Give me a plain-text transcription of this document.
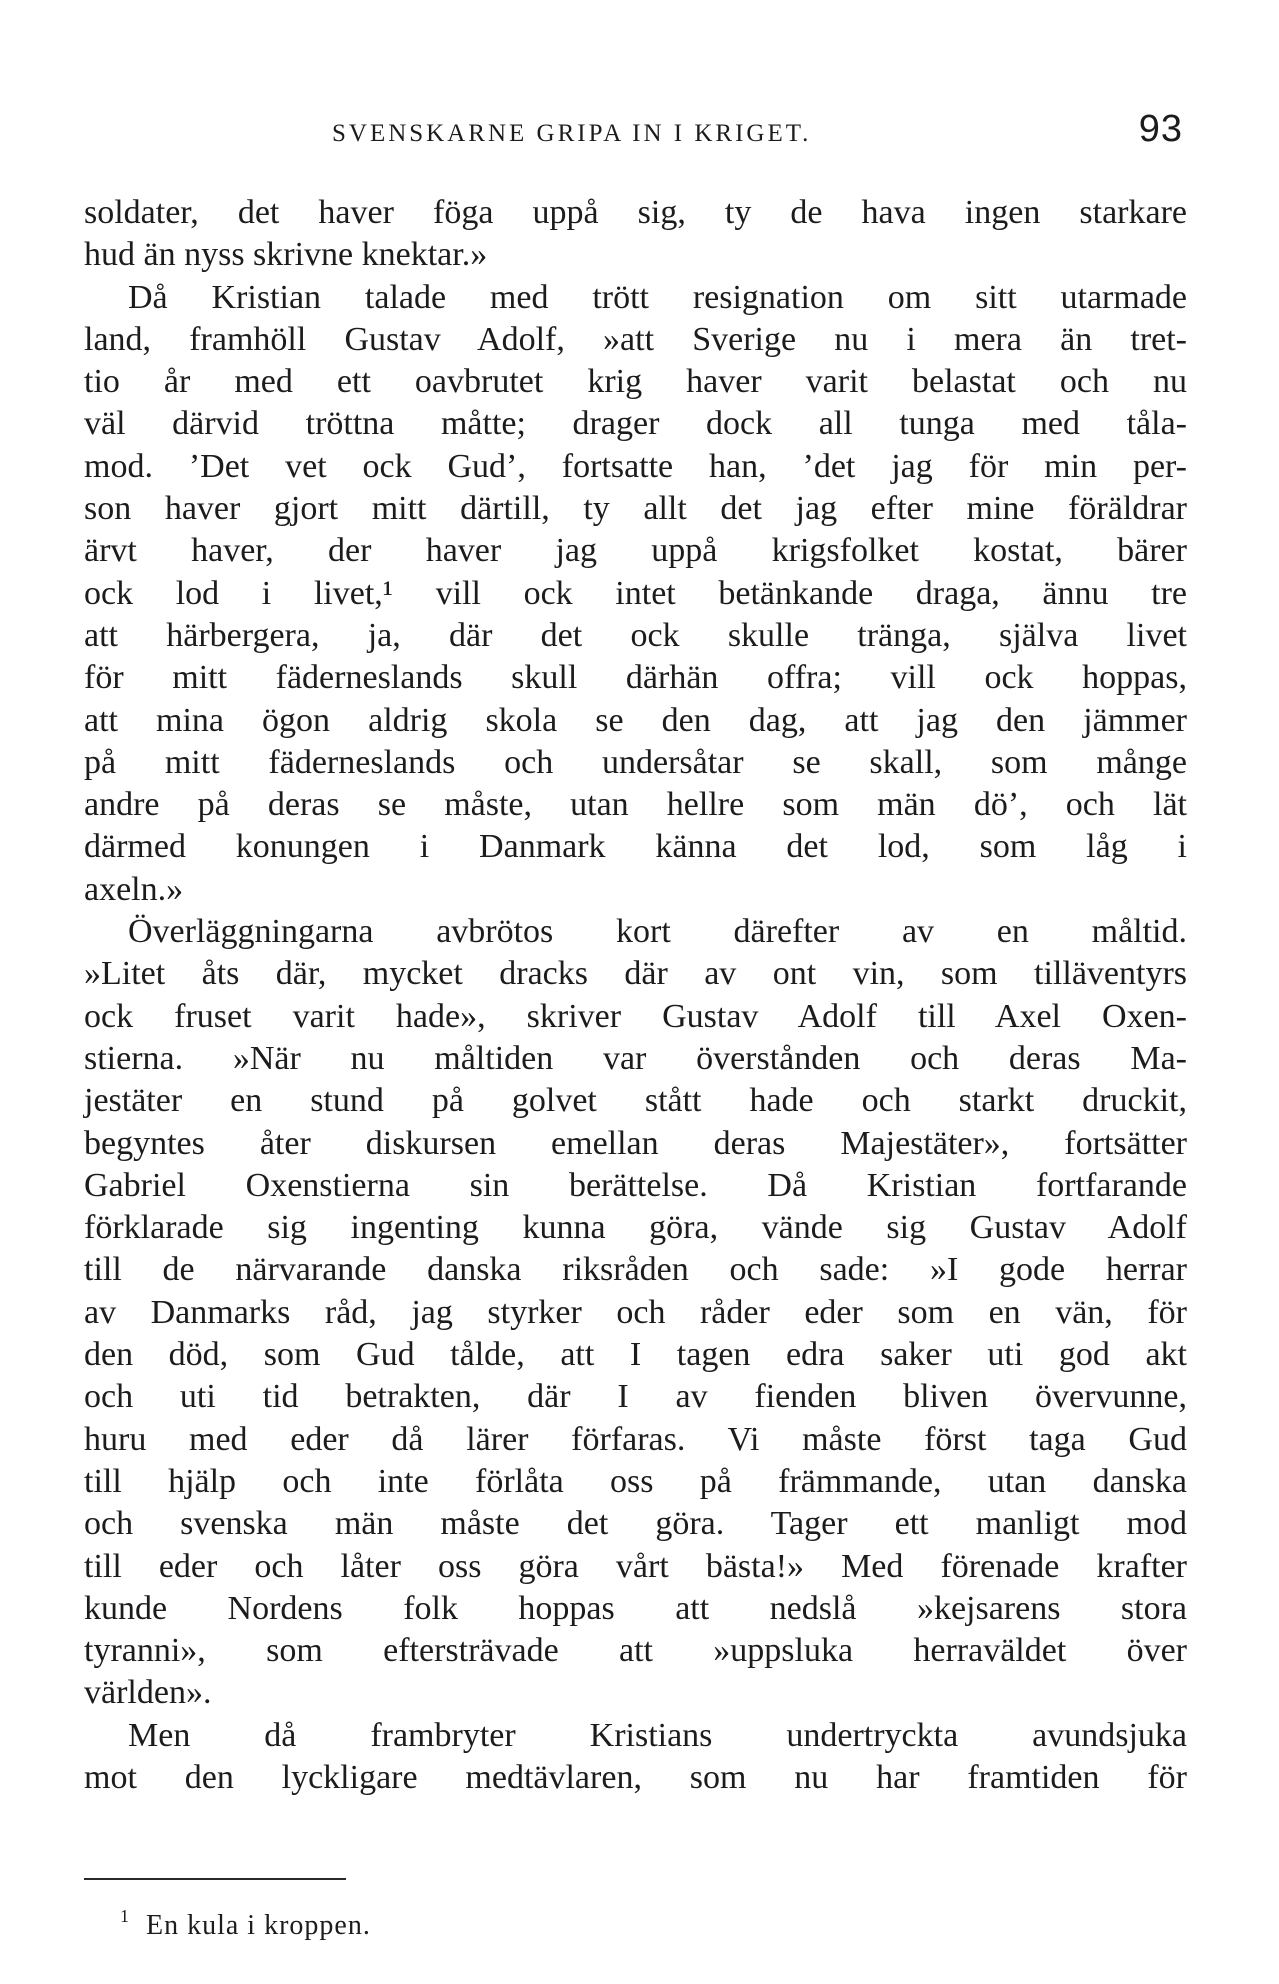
SVENSKARNE GRIPA IN I KRIGET.	93
soldater, det haver föga uppå sig, ty de hava ingen starkare
hud än nyss skrivne knektar.»
Då Kristian talade med trött resignation om sitt utarmade
land, framhöll Gustav Adolf, »att Sverige nu i mera än tret-
tio år med ett oavbrutet krig haver varit belastat och nu
väl därvid tröttna måtte; drager dock all tunga med tåla-
mod. ’Det vet ock Gud’, fortsatte han, ’det jag för min per-
son haver gjort mitt därtill, ty allt det jag efter mine föräldrar
ärvt haver, der haver jag uppå krigsfolket kostat, bärer
ock lod i livet,¹ vill ock intet betänkande draga, ännu tre
att härbergera, ja, där det ock skulle tränga, själva livet
för mitt fäderneslands skull därhän offra; vill ock hoppas,
att mina ögon aldrig skola se den dag, att jag den jämmer
på mitt fäderneslands och undersåtar se skall, som månge
andre på deras se måste, utan hellre som män dö’, och lät
därmed konungen i Danmark känna det lod, som låg i
axeln.»
Överläggningarna avbrötos kort därefter av en måltid.
»Litet åts där, mycket dracks där av ont vin, som tilläventyrs
ock fruset varit hade», skriver Gustav Adolf till Axel Oxen-
stierna. »När nu måltiden var överstånden och deras Ma-
jestäter en stund på golvet stått hade och starkt druckit,
begyntes åter diskursen emellan deras Majestäter», fortsätter
Gabriel Oxenstierna sin berättelse. Då Kristian fortfarande
förklarade sig ingenting kunna göra, vände sig Gustav Adolf
till de närvarande danska riksråden och sade: »I gode herrar
av Danmarks råd, jag styrker och råder eder som en vän, för
den död, som Gud tålde, att I tagen edra saker uti god akt
och uti tid betrakten, där I av fienden bliven övervunne,
huru med eder då lärer förfaras. Vi måste först taga Gud
till hjälp och inte förlåta oss på främmande, utan danska
och svenska män måste det göra. Tager ett manligt mod
till eder och låter oss göra vårt bästa!» Med förenade krafter
kunde Nordens folk hoppas att nedslå »kejsarens stora
tyranni», som eftersträvade att »uppsluka herraväldet över
världen».
Men då frambryter Kristians undertryckta avundsjuka
mot den lyckligare medtävlaren, som nu har framtiden för
$^1$ En kula i kroppen.
